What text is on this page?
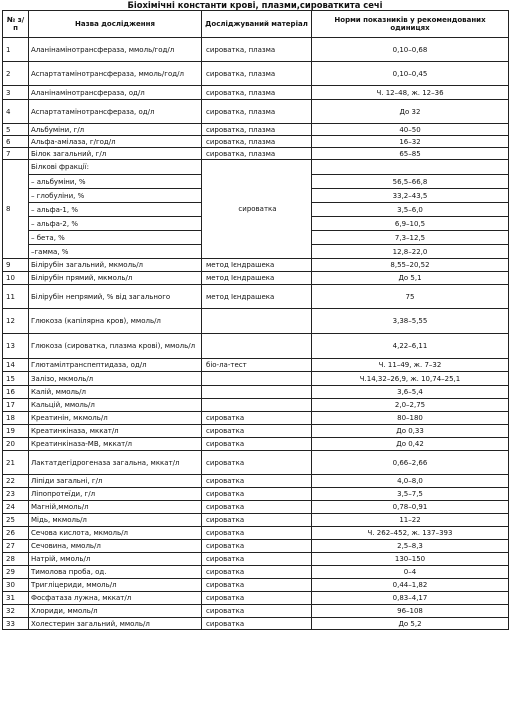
Біохімічні константи крові, плазми,сироваткита сечі
№ з/п	Назва дослідження	Досліджуваний матеріал	Норми показників у рекомендованих одиницях
1	Аланінамінотрансфераза, ммоль/год/л	сироватка, плазма	0,10–0,68
2	Аспартатамінотрансфераза, ммоль/год/л	сироватка, плазма	0,10–0,45
3	Аланінамінотрансфераза, од/л	сироватка, плазма	Ч. 12–48, ж. 12–36
4	Аспартатамінотрансфераза, од/л	сироватка, плазма	До 32
5	Альбуміни, г/л	сироватка, плазма	40–50
6	Альфа-амілаза, г/год/л	сироватка, плазма	16–32
7	Білок загальний, г/л	сироватка, плазма	65–85
8	Білкові фракції:	сироватка	
	– альбуміни, %		56,5–66,8
	– глобуліни, %		33,2–43,5
	– альфа-1, %		3,5–6,0
	– альфа-2, %		6,9–10,5
	– бета, %		7,3–12,5
	–гамма, %		12,8–22,0
9	Білірубін загальний, мкмоль/л	метод Ієндрашека	8,55–20,52
10	Білірубін прямий, мкмоль/л	метод Ієндрашека	До 5,1
11	Білірубін непрямий, % від загального	метод Ієндрашека	75
12	Глюкоза (капілярна кров), ммоль/л		3,38–5,55
13	Глюкоза (сироватка, плазма крові), ммоль/л		4,22–6,11
14	Глютамілтранспептидаза, од/л	біо-ла-тест	Ч. 11–49, ж. 7–32
15	Залізо, мкмоль/л		Ч.14,32–26,9, ж. 10,74–25,1
16	Калій, ммоль/л		3,6–5,4
17	Кальцій, ммоль/л		2,0–2,75
18	Креатинін, мкмоль/л	сироватка	80–180
19	Креатинкіназа, мккат/л	сироватка	До 0,33
20	Креатинкіназа-МВ, мккат/л	сироватка	До 0,42
21	Лактатдегідрогеназа загальна, мккат/л	сироватка	0,66–2,66
22	Ліпіди загальні, г/л	сироватка	4,0–8,0
23	Ліпопротеїди, г/л	сироватка	3,5–7,5
24	Магній,ммоль/л	сироватка	0,78–0,91
25	Мідь, мкмоль/л	сироватка	11–22
26	Сечова кислота, мкмоль/л	сироватка	Ч. 262–452, ж. 137–393
27	Сечовина, ммоль/л	сироватка	2,5–8,3
28	Натрій, ммоль/л	сироватка	130–150
29	Тимолова проба, од.	сироватка	0–4
30	Тригліцериди, ммоль/л	сироватка	0,44–1,82
31	Фосфатаза лужна, мккат/л	сироватка	0,83–4,17
32	Хлориди, ммоль/л	сироватка	96–108
33	Холестерин загальний, ммоль/л	сироватка	До 5,2
